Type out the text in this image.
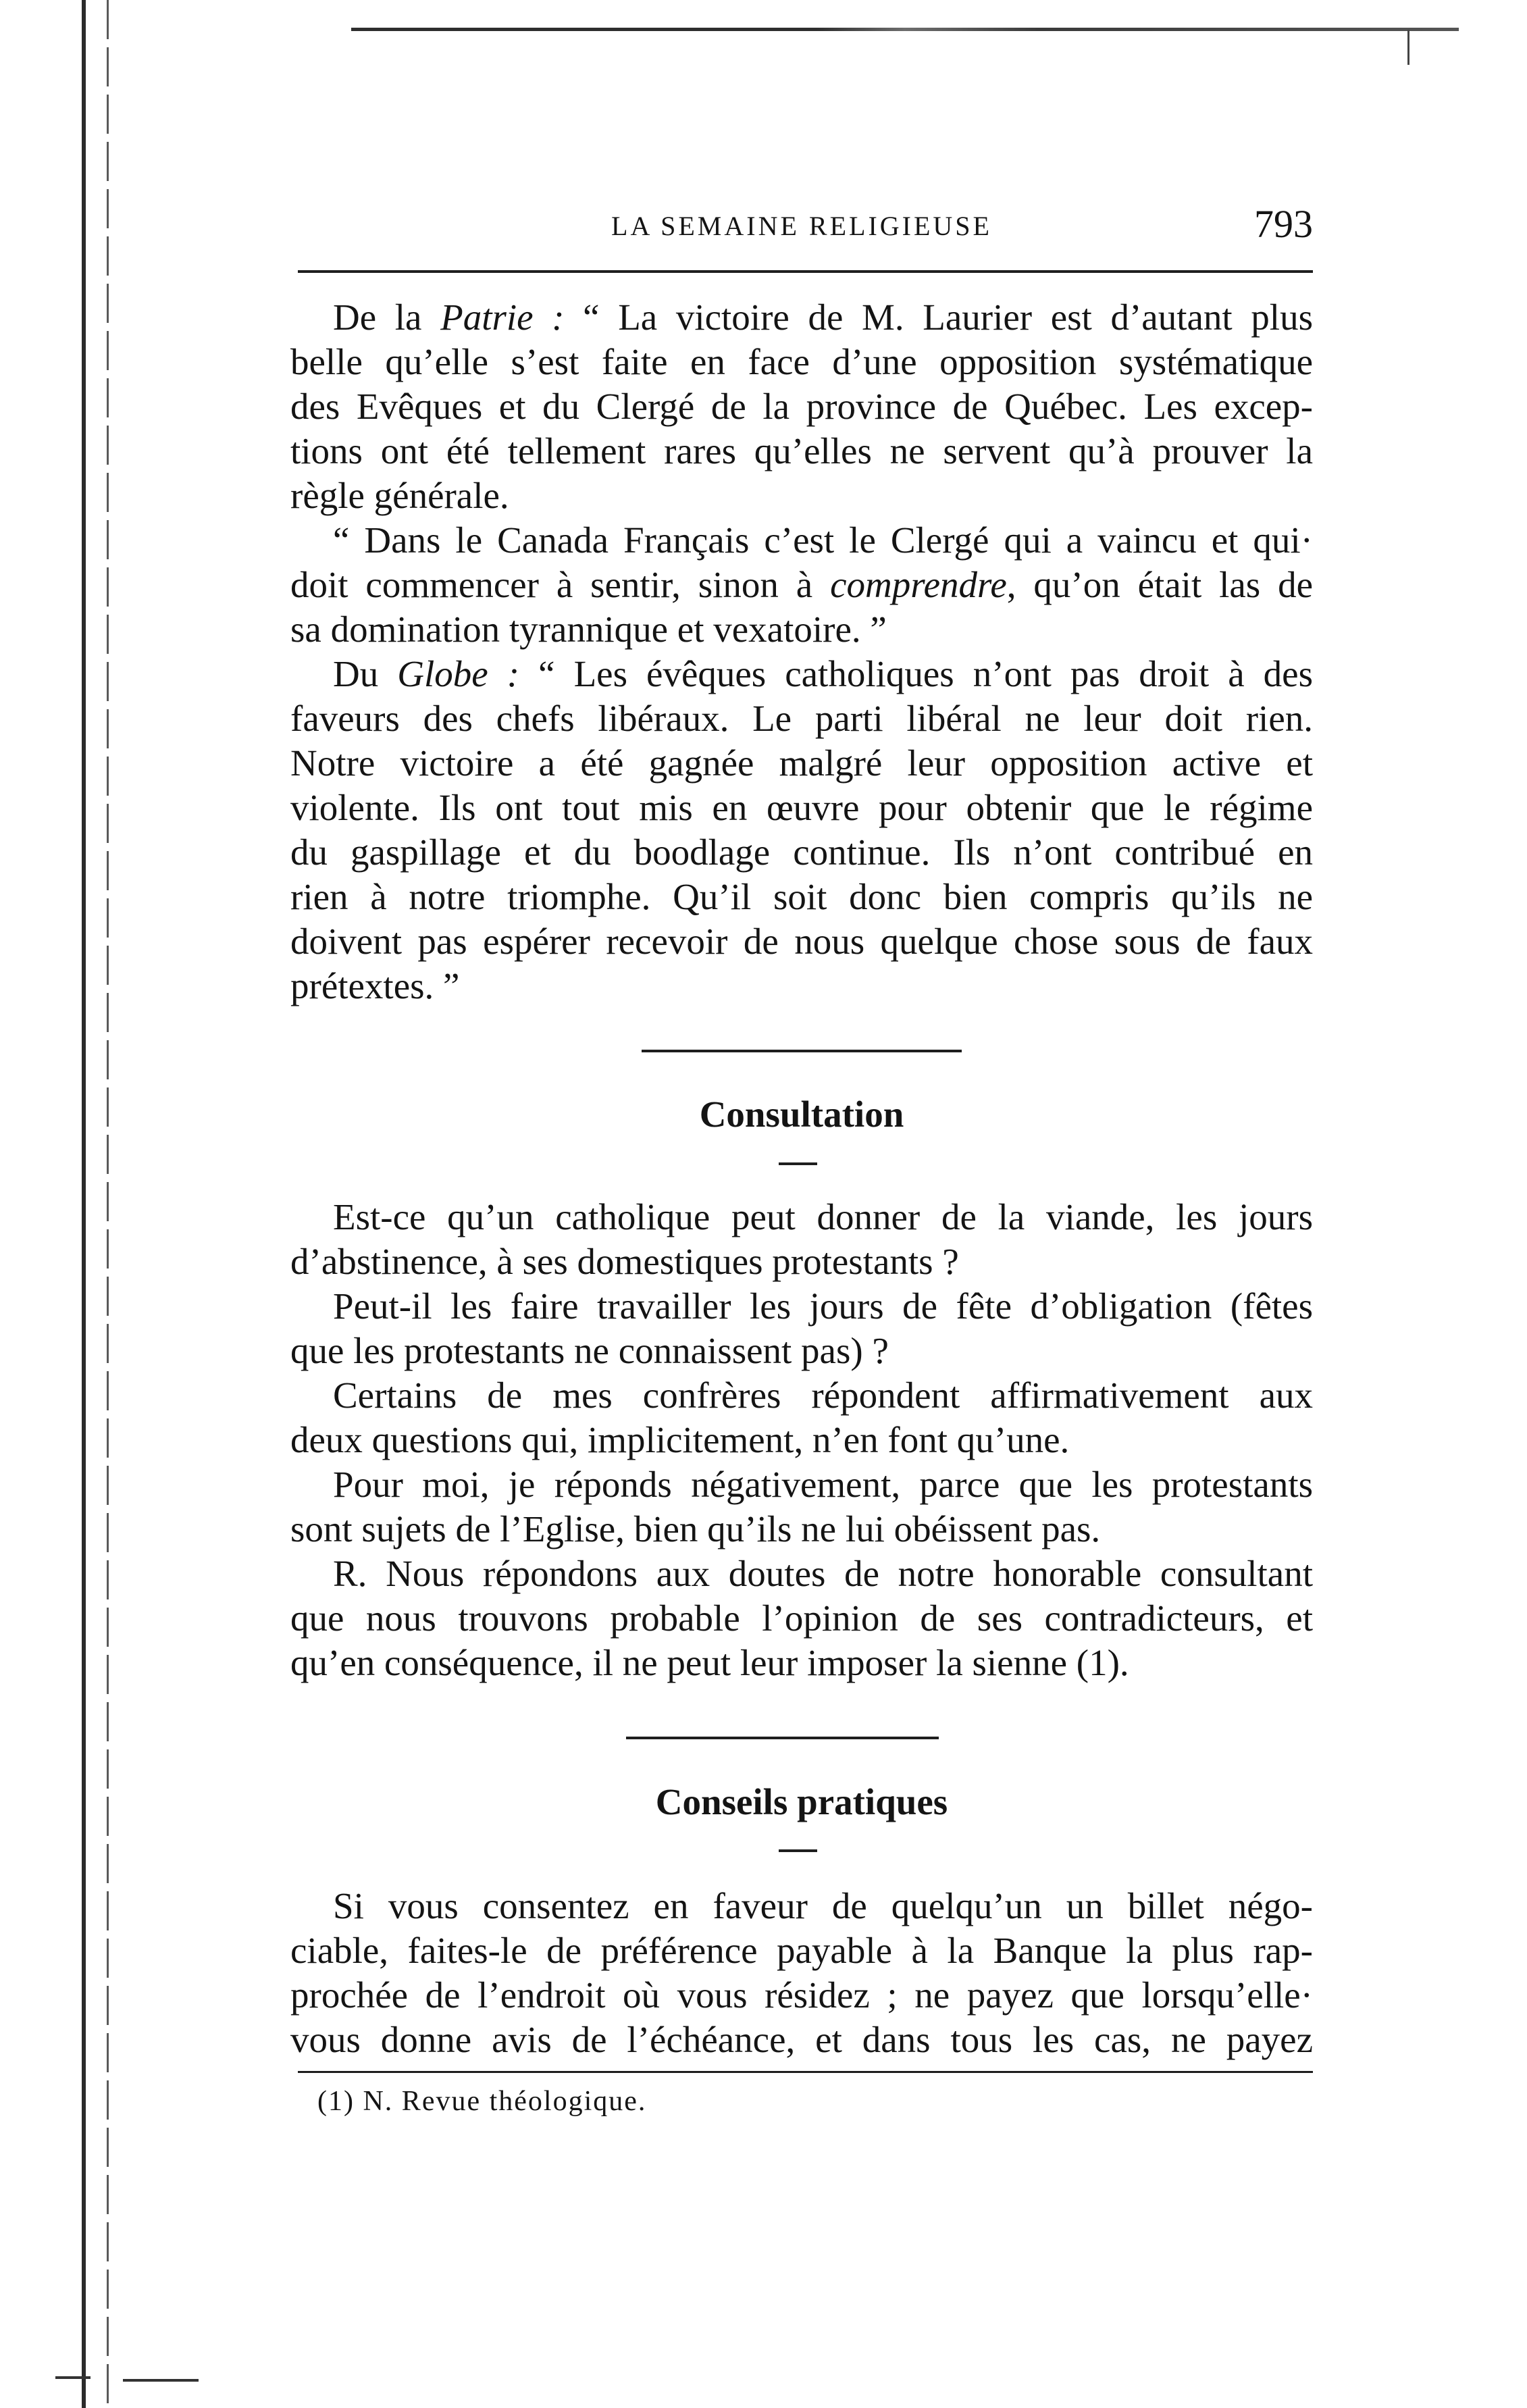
LA SEMAINE RELIGIEUSE	793
De la Patrie : “ La victoire de M. Laurier est d’autant plus
belle qu’elle s’est faite en face d’une opposition systématique
des Evêques et du Clergé de la province de Québec. Les excep-
tions ont été tellement rares qu’elles ne servent qu’à prouver la
règle générale.
“ Dans le Canada Français c’est le Clergé qui a vaincu et qui·
doit commencer à sentir, sinon à comprendre, qu’on était las de
sa domination tyrannique et vexatoire. ”
Du Globe : “ Les évêques catholiques n’ont pas droit à des
faveurs des chefs libéraux. Le parti libéral ne leur doit rien.
Notre victoire a été gagnée malgré leur opposition active et
violente. Ils ont tout mis en œuvre pour obtenir que le régime
du gaspillage et du boodlage continue. Ils n’ont contribué en
rien à notre triomphe. Qu’il soit donc bien compris qu’ils ne
doivent pas espérer recevoir de nous quelque chose sous de faux
prétextes. ”
Consultation
Est-ce qu’un catholique peut donner de la viande, les jours
d’abstinence, à ses domestiques protestants ?
Peut-il les faire travailler les jours de fête d’obligation (fêtes
que les protestants ne connaissent pas) ?
Certains de mes confrères répondent affirmativement aux
deux questions qui, implicitement, n’en font qu’une.
Pour moi, je réponds négativement, parce que les protestants
sont sujets de l’Eglise, bien qu’ils ne lui obéissent pas.
R. Nous répondons aux doutes de notre honorable consultant
que nous trouvons probable l’opinion de ses contradicteurs, et
qu’en conséquence, il ne peut leur imposer la sienne (1).
Conseils pratiques
Si vous consentez en faveur de quelqu’un un billet négo-
ciable, faites-le de préférence payable à la Banque la plus rap-
prochée de l’endroit où vous résidez ; ne payez que lorsqu’elle·
vous donne avis de l’échéance, et dans tous les cas, ne payez
(1) N. Revue théologique.
